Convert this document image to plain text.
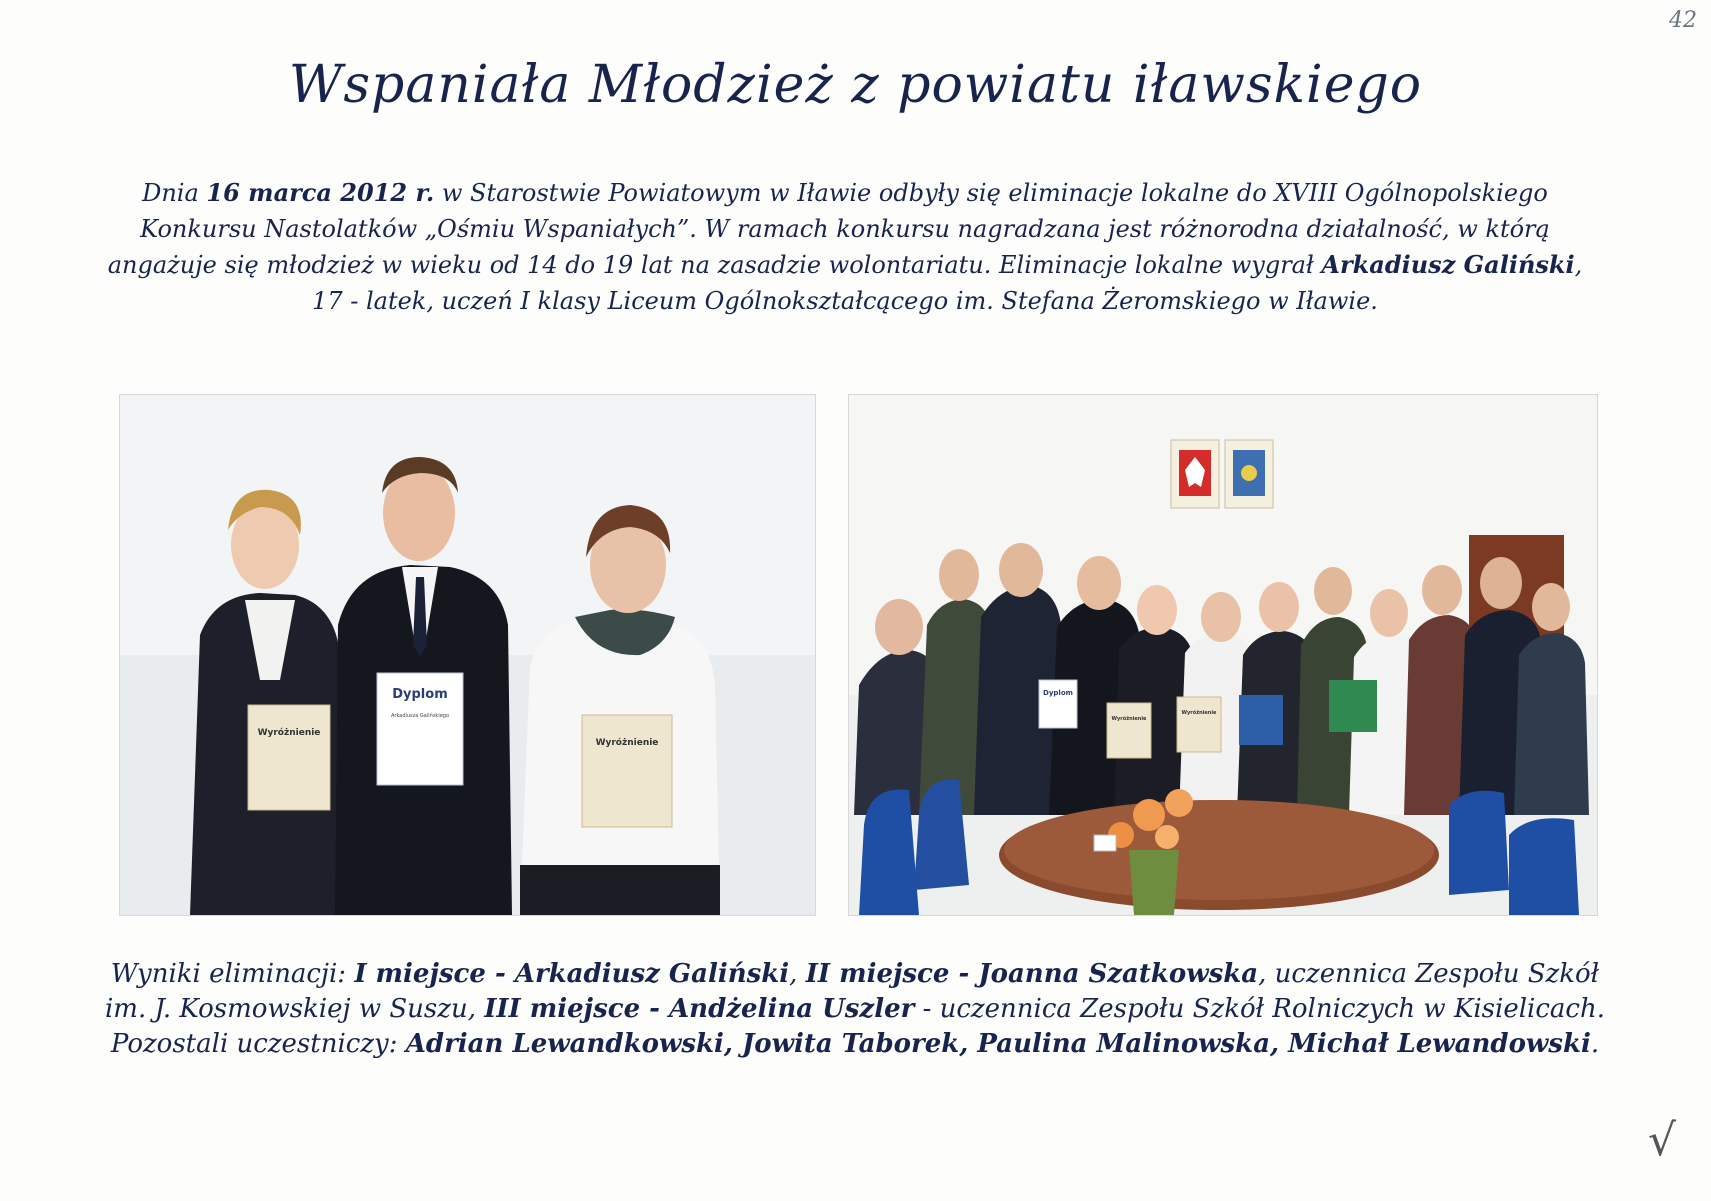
42
Wspaniała Młodzież z powiatu iławskiego
Dnia 16 marca 2012 r. w Starostwie Powiatowym w Iławie odbyły się eliminacje lokalne do XVIII Ogólnopolskiego Konkursu Nastolatków „Ośmiu Wspaniałych”. W ramach konkursu nagradzana jest różnorodna działalność, w którą angażuje się młodzież w wieku od 14 do 19 lat na zasadzie wolontariatu. Eliminacje lokalne wygrał Arkadiusz Galiński, 17 - latek, uczeń I klasy Liceum Ogólnokształcącego im. Stefana Żeromskiego w Iławie.
Wyróżnienie
Dyplom
Arkadiusza Galińskiego
Wyróżnienie
Dyplom
Wyróżnienie
Wyróżnienie
Wyniki eliminacji: I miejsce - Arkadiusz Galiński, II miejsce - Joanna Szatkowska, uczennica Zespołu Szkół im. J. Kosmowskiej w Suszu, III miejsce - Andżelina Uszler - uczennica Zespołu Szkół Rolniczych w Kisielicach. Pozostali uczestniczy: Adrian Lewandkowski, Jowita Taborek, Paulina Malinowska, Michał Lewandowski.
√
